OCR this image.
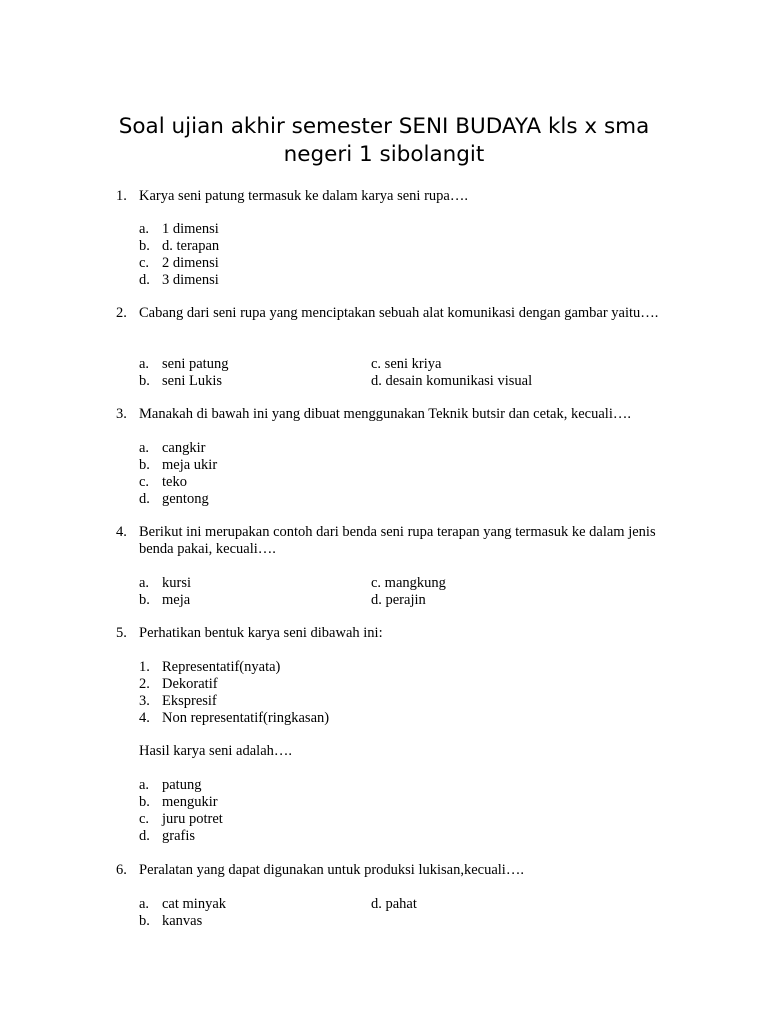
Soal ujian akhir semester SENI BUDAYA kls x sma
negeri 1 sibolangit
1. Karya seni patung termasuk ke dalam karya seni rupa….
a. 1 dimensi
b. d. terapan
c. 2 dimensi
d. 3 dimensi
2. Cabang dari seni rupa yang menciptakan sebuah alat komunikasi dengan gambar yaitu….
a. seni patung
b. seni Lukis
c. seni kriya
d. desain komunikasi visual
3. Manakah di bawah ini yang dibuat menggunakan Teknik butsir dan cetak, kecuali….
a. cangkir
b. meja ukir
c. teko
d. gentong
4. Berikut ini merupakan contoh dari benda seni rupa terapan yang termasuk ke dalam jenis benda pakai, kecuali….
a. kursi
b. meja
c. mangkung
d. perajin
5. Perhatikan bentuk karya seni dibawah ini:
1. Representatif(nyata)
2. Dekoratif
3. Ekspresif
4. Non representatif(ringkasan)
Hasil karya seni adalah….
a. patung
b. mengukir
c. juru potret
d. grafis
6. Peralatan yang dapat digunakan untuk produksi lukisan,kecuali….
a. cat minyak
b. kanvas
d. pahat
